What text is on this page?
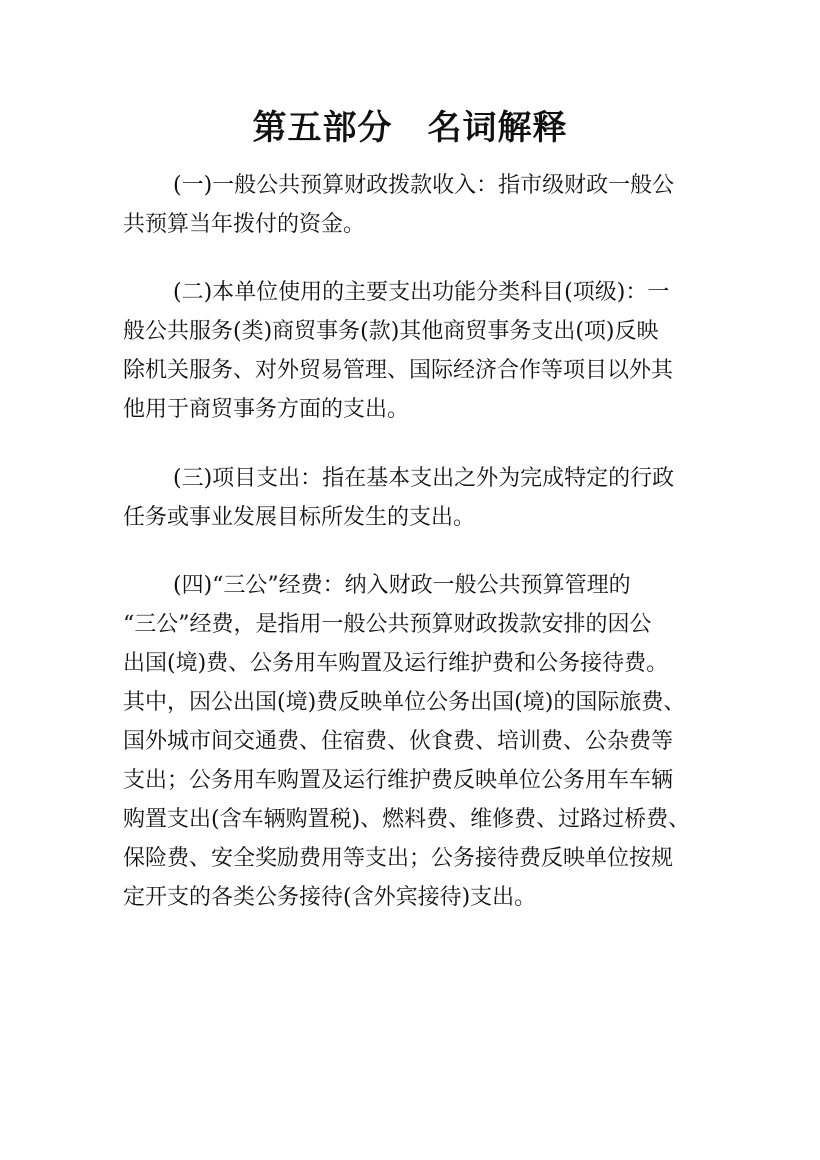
第五部分　名词解释
(一)一般公共预算财政拨款收入：指市级财政一般公
共预算当年拨付的资金。
(二)本单位使用的主要支出功能分类科目(项级)：一
般公共服务(类)商贸事务(款)其他商贸事务支出(项)反映
除机关服务、对外贸易管理、国际经济合作等项目以外其
他用于商贸事务方面的支出。
(三)项目支出：指在基本支出之外为完成特定的行政
任务或事业发展目标所发生的支出。
(四)“三公”经费：纳入财政一般公共预算管理的
“三公”经费，是指用一般公共预算财政拨款安排的因公
出国(境)费、公务用车购置及运行维护费和公务接待费。
其中，因公出国(境)费反映单位公务出国(境)的国际旅费、
国外城市间交通费、住宿费、伙食费、培训费、公杂费等
支出；公务用车购置及运行维护费反映单位公务用车车辆
购置支出(含车辆购置税)、燃料费、维修费、过路过桥费、
保险费、安全奖励费用等支出；公务接待费反映单位按规
定开支的各类公务接待(含外宾接待)支出。
